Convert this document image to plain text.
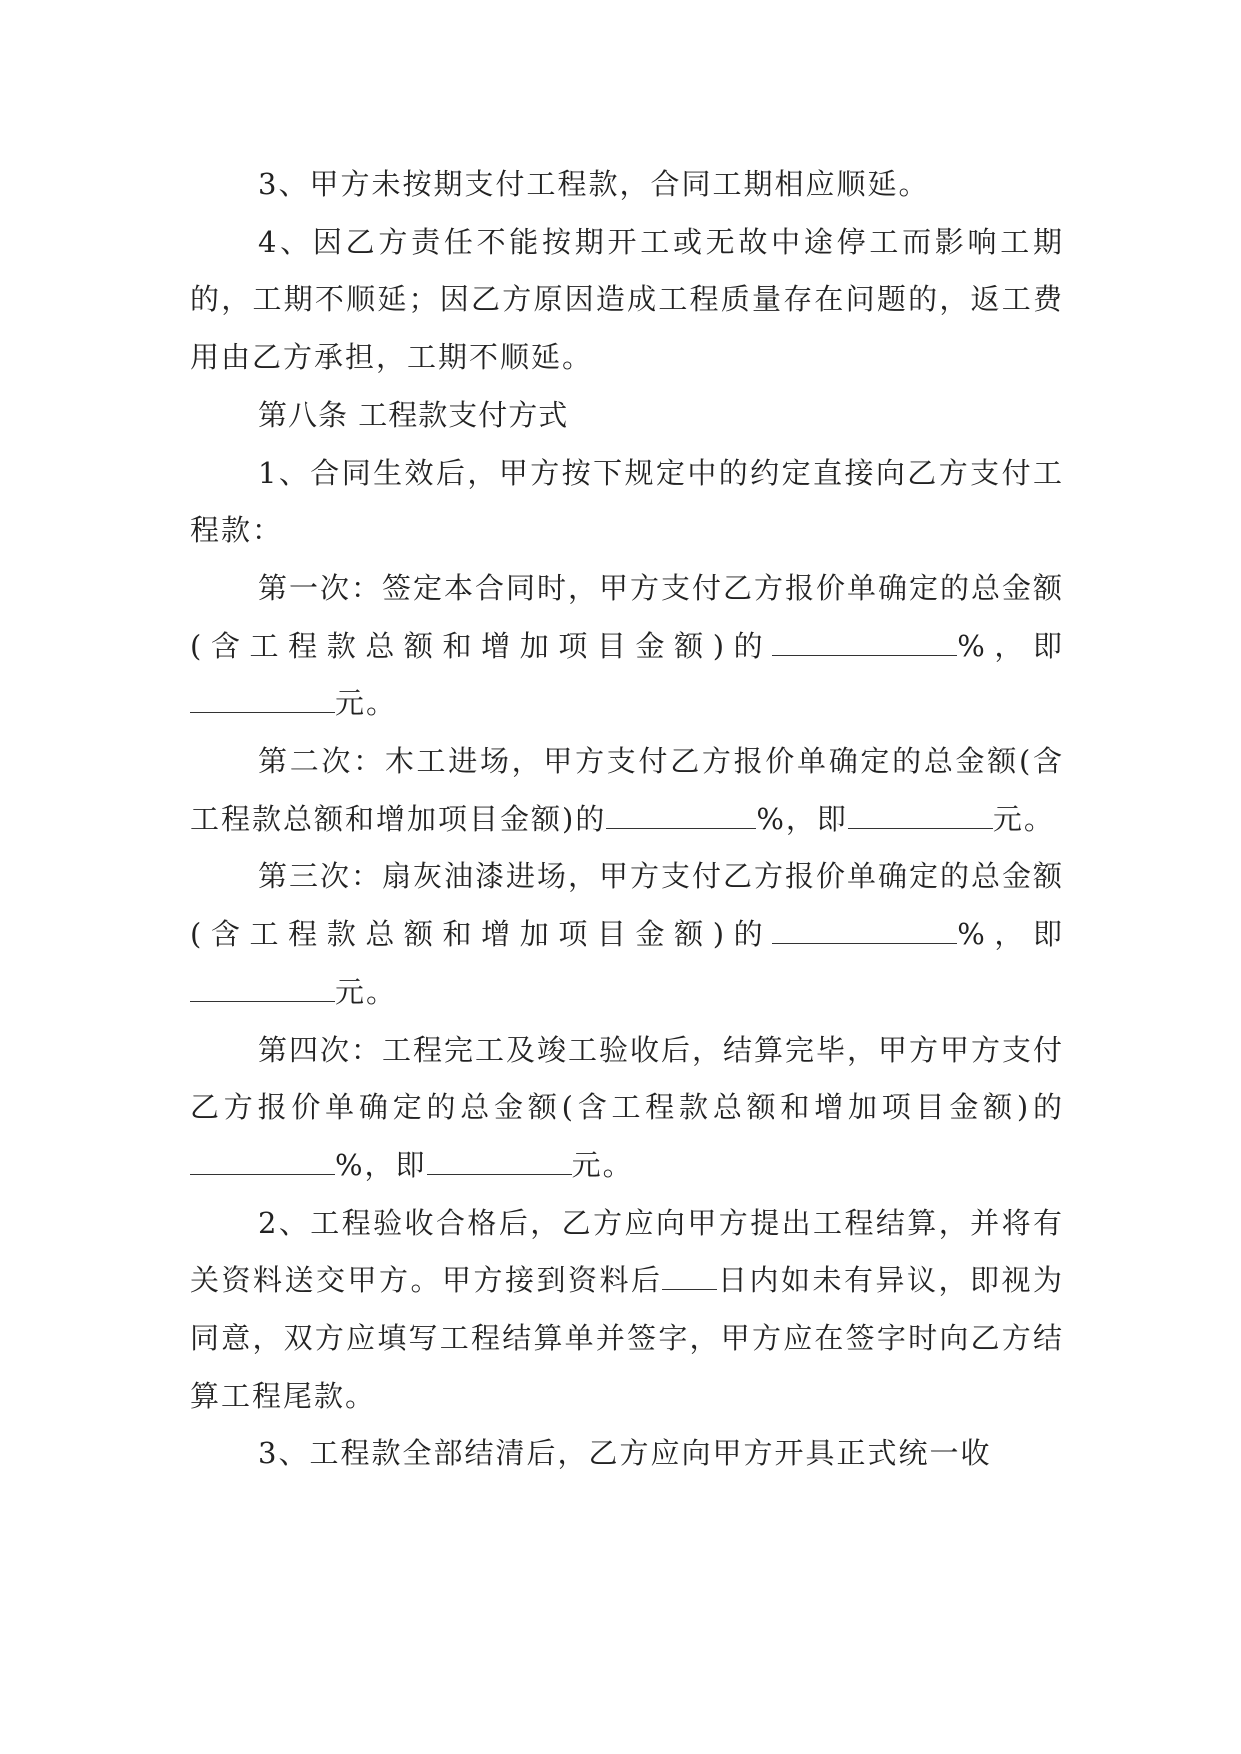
3、甲方未按期支付工程款，合同工期相应顺延。

4、因乙方责任不能按期开工或无故中途停工而影响工期的，工期不顺延；因乙方原因造成工程质量存在问题的，返工费用由乙方承担，工期不顺延。

第八条 工程款支付方式

1、合同生效后，甲方按下规定中的约定直接向乙方支付工程款：

第一次：签定本合同时，甲方支付乙方报价单确定的总金额(含工程款总额和增加项目金额)的	%，即元。

第二次：木工进场，甲方支付乙方报价单确定的总金额(含工程款总额和增加项目金额)的	%，即	元。

第三次：扇灰油漆进场，甲方支付乙方报价单确定的总金额(含工程款总额和增加项目金额)的	%，即元。

第四次：工程完工及竣工验收后，结算完毕，甲方甲方支付乙方报价单确定的总金额(含工程款总额和增加项目金额)的%，即	元。

2、工程验收合格后，乙方应向甲方提出工程结算，并将有关资料送交甲方。甲方接到资料后 日内如未有异议，即视为同意，双方应填写工程结算单并签字，甲方应在签字时向乙方结算工程尾款。

3、工程款全部结清后，乙方应向甲方开具正式统一收
